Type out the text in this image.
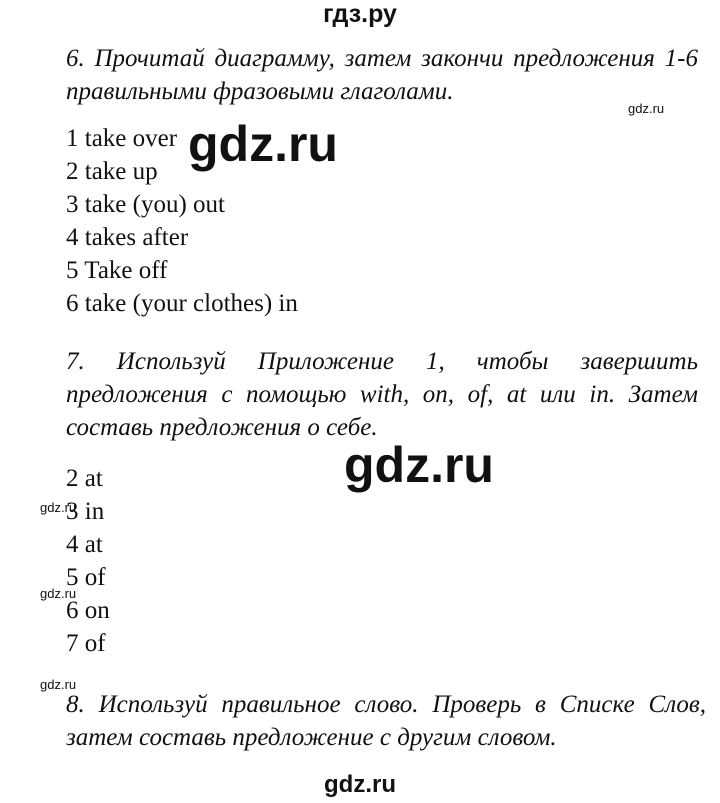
гдз.ру
6. Прочитай диаграмму, затем закончи предложения 1-6 правильными фразовыми глаголами.
gdz.ru
1 take over
2 take up
3 take (you) out
4 takes after
5 Take off
6 take (your clothes) in
gdz.ru
7. Используй Приложение 1, чтобы завершить предложения с помощью with, on, of, at или in. Затем составь предложения о себе.
gdz.ru
2 at
3 in
4 at
5 of
6 on
7 of
gdz.ru
gdz.ru
gdz.ru
8. Используй правильное слово. Проверь в Списке Слов, затем составь предложение с другим словом.
gdz.ru
